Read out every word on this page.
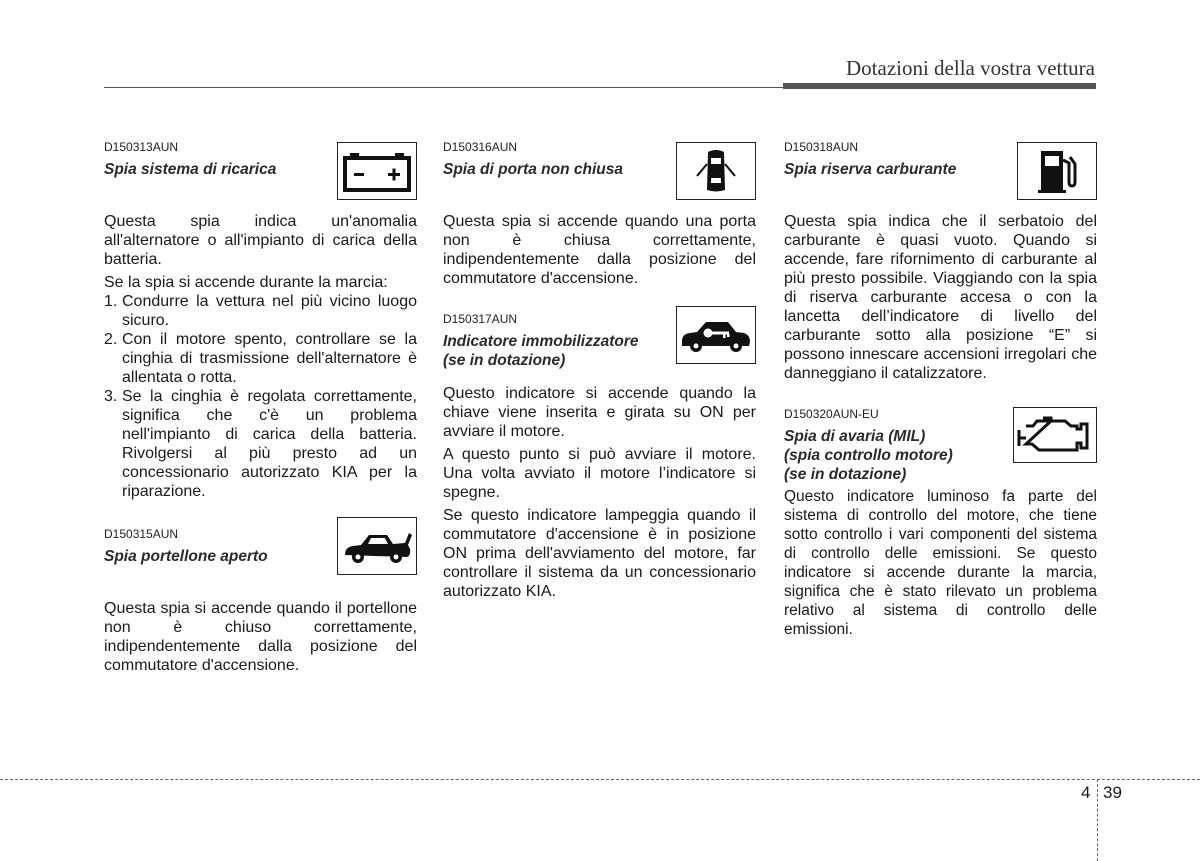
Dotazioni della vostra vettura
D150313AUN
Spia sistema di ricarica

Questa spia indica un'anomalia all'alternatore o all'impianto di carica della batteria.

Se la spia si accende durante la marcia:

1. Condurre la vettura nel più vicino luogo sicuro.
2. Con il motore spento, controllare se la cinghia di trasmissione dell'alternatore è allentata o rotta.
3. Se la cinghia è regolata correttamente, significa che c'è un problema nell'impianto di carica della batteria. Rivolgersi al più presto ad un concessionario autorizzato KIA per la riparazione.
D150315AUN
Spia portellone aperto

Questa spia si accende quando il portellone non è chiuso correttamente, indipendentemente dalla posizione del commutatore d'accensione.

D150316AUN
Spia di porta non chiusa

Questa spia si accende quando una porta non è chiusa correttamente, indipendentemente dalla posizione del commutatore d'accensione.

D150317AUN
Indicatore immobilizzatore
(se in dotazione)

Questo indicatore si accende quando la chiave viene inserita e girata su ON per avviare il motore.

A questo punto si può avviare il motore. Una volta avviato il motore l’indicatore si spegne.

Se questo indicatore lampeggia quando il commutatore d'accensione è in posizione ON prima dell'avviamento del motore, far controllare il sistema da un concessionario autorizzato KIA.

D150318AUN
Spia riserva carburante

Questa spia indica che il serbatoio del carburante è quasi vuoto. Quando si accende, fare rifornimento di carburante al più presto possibile. Viaggiando con la spia di riserva carburante accesa o con la lancetta dell’indicatore di livello del carburante sotto alla posizione “E” si possono innescare accensioni irregolari che danneggiano il catalizzatore.

D150320AUN-EU
Spia di avaria (MIL)
(spia controllo motore)
(se in dotazione)

Questo indicatore luminoso fa parte del sistema di controllo del motore, che tiene sotto controllo i vari componenti del sistema di controllo delle emissioni. Se questo indicatore si accende durante la marcia, significa che è stato rilevato un problema relativo al sistema di controllo delle emissioni.

4 39
